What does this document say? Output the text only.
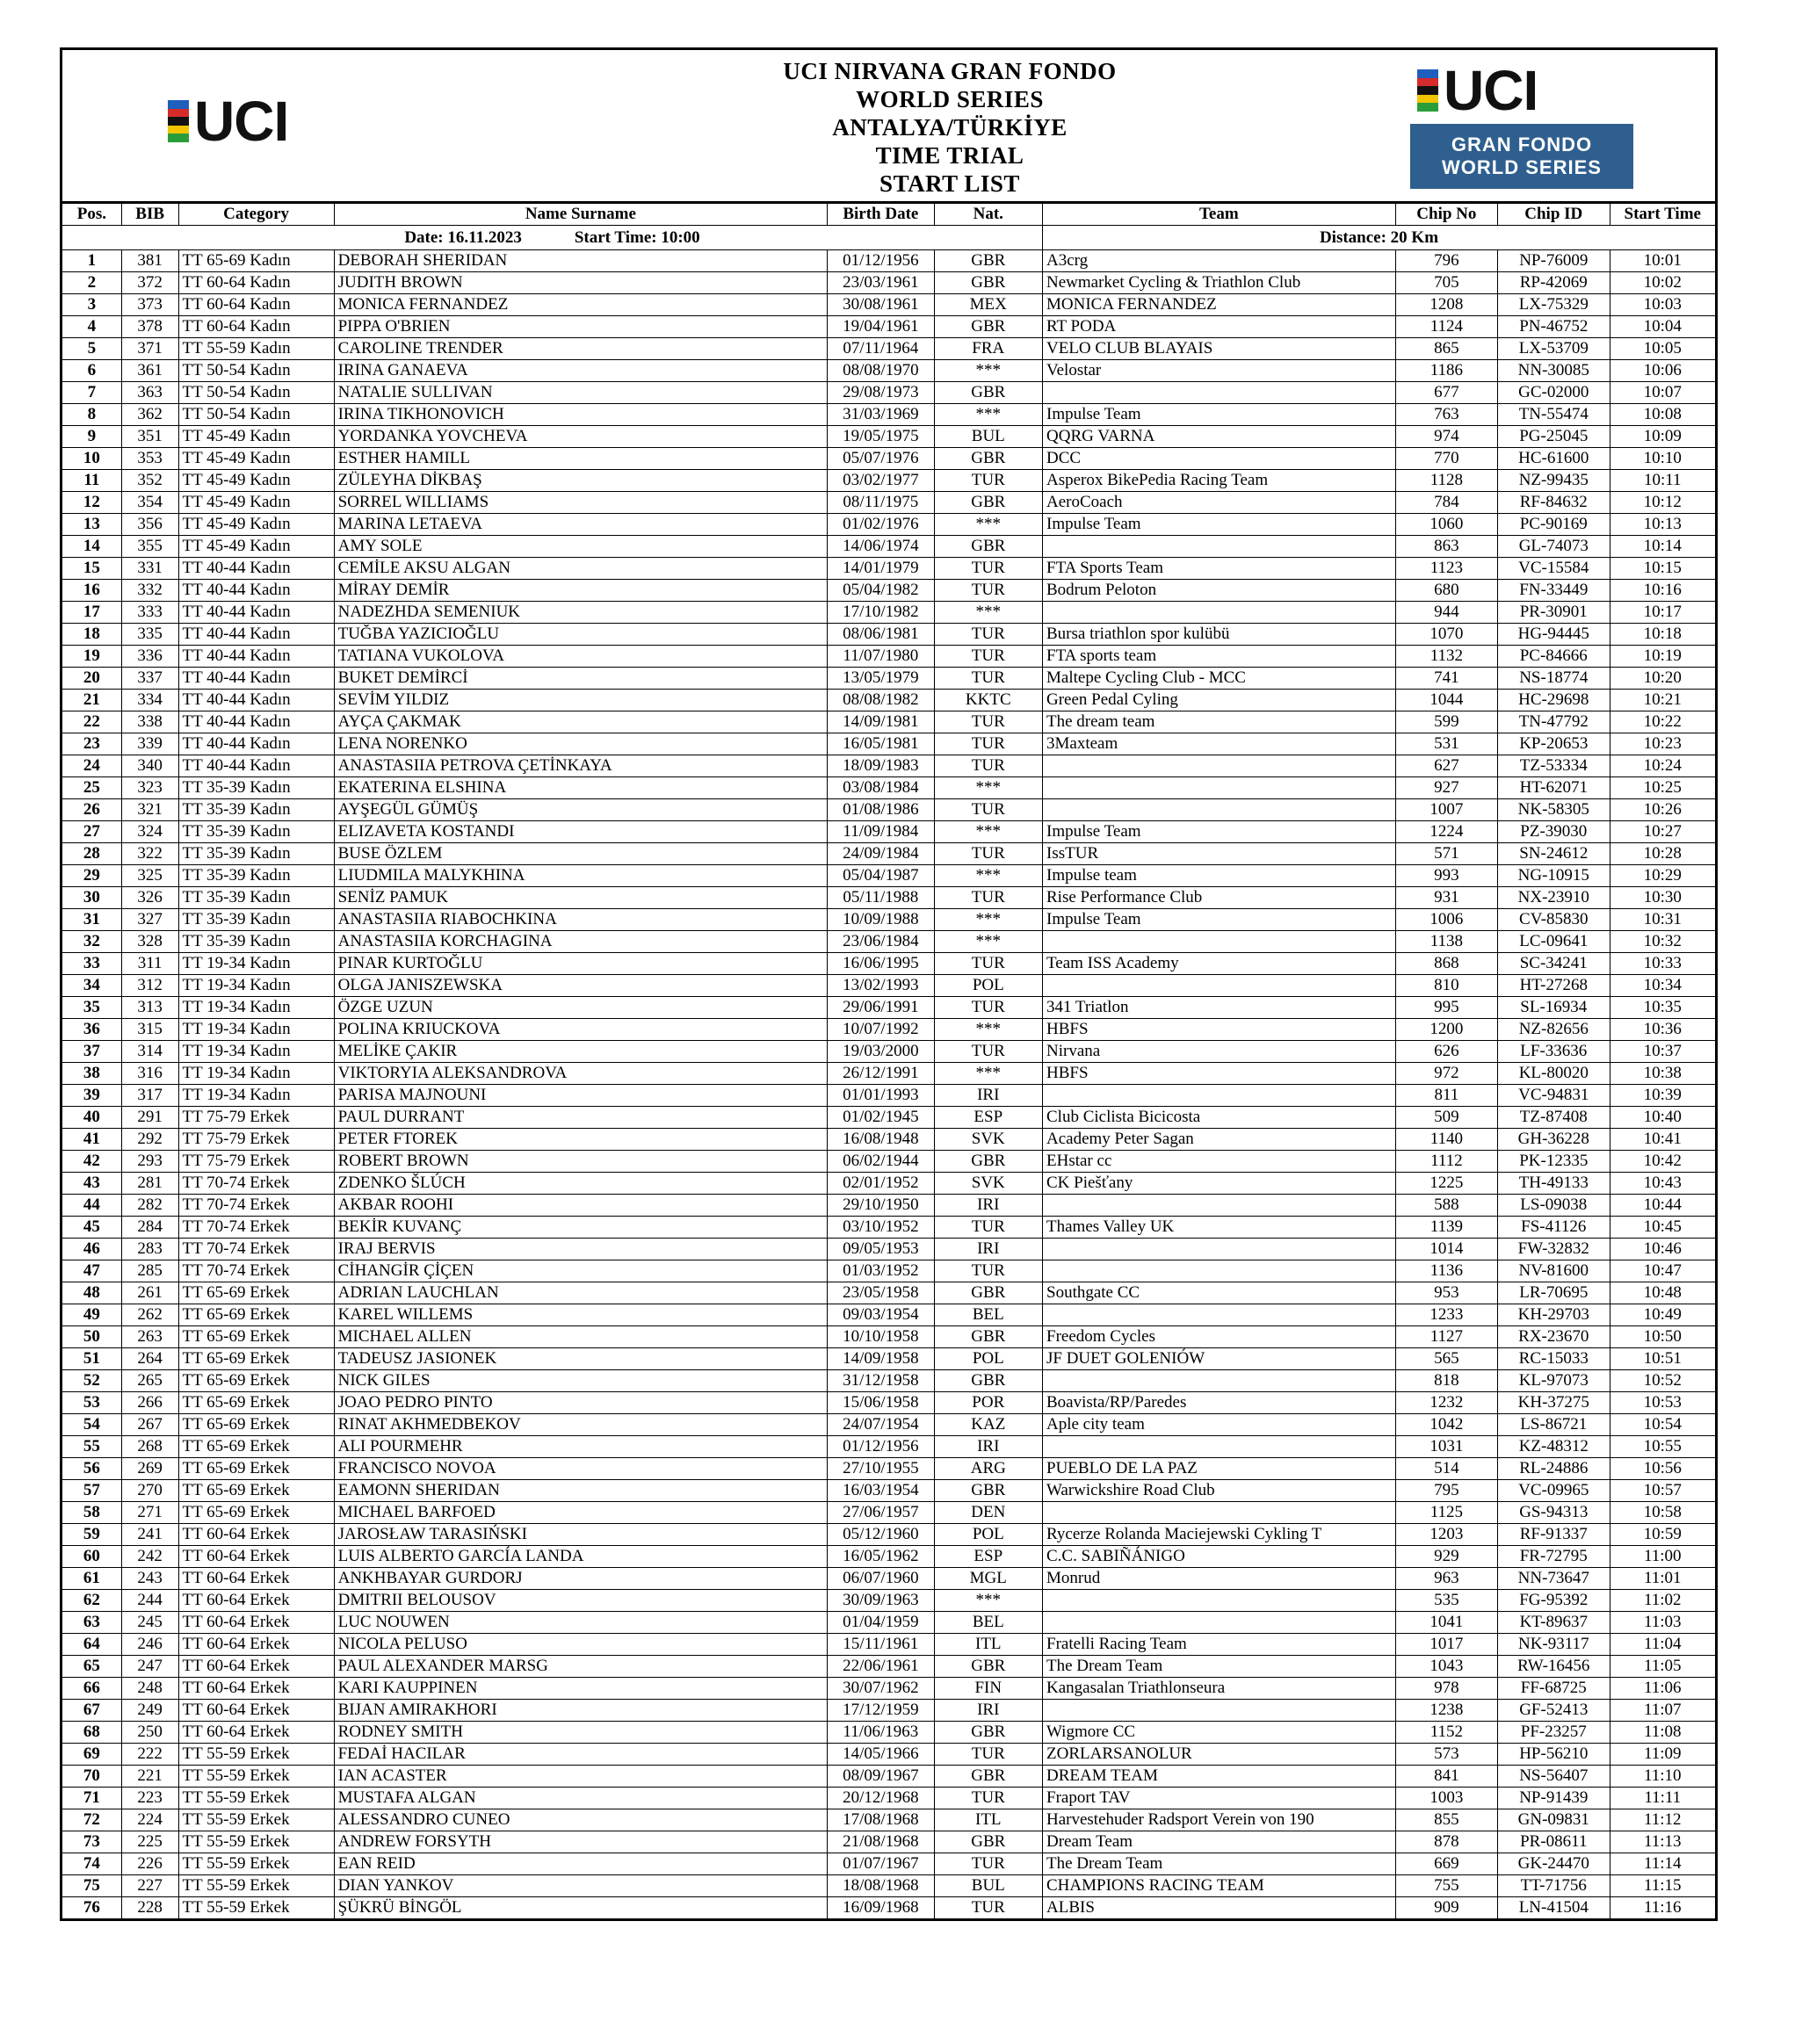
UCI
UCI NIRVANA GRAN FONDO
WORLD SERIES
ANTALYA/TÜRKİYE
TIME TRIAL
START LIST
UCI
GRAN FONDO
WORLD SERIES
Date: 16.11.2023 Start Time: 10:00						Distance: 20 Km			
Pos.	BIB	Category	Name Surname	Birth Date	Nat.	Team	Chip No	Chip ID	Start Time
1	381	TT 65-69 Kadın	DEBORAH SHERIDAN	01/12/1956	GBR	A3crg	796	NP-76009	10:01
2	372	TT 60-64 Kadın	JUDITH BROWN	23/03/1961	GBR	Newmarket Cycling & Triathlon Club	705	RP-42069	10:02
3	373	TT 60-64 Kadın	MONICA FERNANDEZ	30/08/1961	MEX	MONICA FERNANDEZ	1208	LX-75329	10:03
4	378	TT 60-64 Kadın	PIPPA O'BRIEN	19/04/1961	GBR	RT PODA	1124	PN-46752	10:04
5	371	TT 55-59 Kadın	CAROLINE TRENDER	07/11/1964	FRA	VELO CLUB BLAYAIS	865	LX-53709	10:05
6	361	TT 50-54 Kadın	IRINA GANAEVA	08/08/1970	***	Velostar	1186	NN-30085	10:06
7	363	TT 50-54 Kadın	NATALIE SULLIVAN	29/08/1973	GBR		677	GC-02000	10:07
8	362	TT 50-54 Kadın	IRINA TIKHONOVICH	31/03/1969	***	Impulse Team	763	TN-55474	10:08
9	351	TT 45-49 Kadın	YORDANKA YOVCHEVA	19/05/1975	BUL	QQRG VARNA	974	PG-25045	10:09
10	353	TT 45-49 Kadın	ESTHER HAMILL	05/07/1976	GBR	DCC	770	HC-61600	10:10
11	352	TT 45-49 Kadın	ZÜLEYHA DİKBAŞ	03/02/1977	TUR	Asperox BikePedia Racing Team	1128	NZ-99435	10:11
12	354	TT 45-49 Kadın	SORREL WILLIAMS	08/11/1975	GBR	AeroCoach	784	RF-84632	10:12
13	356	TT 45-49 Kadın	MARINA LETAEVA	01/02/1976	***	Impulse Team	1060	PC-90169	10:13
14	355	TT 45-49 Kadın	AMY SOLE	14/06/1974	GBR		863	GL-74073	10:14
15	331	TT 40-44 Kadın	CEMİLE AKSU ALGAN	14/01/1979	TUR	FTA Sports Team	1123	VC-15584	10:15
16	332	TT 40-44 Kadın	MİRAY DEMİR	05/04/1982	TUR	Bodrum Peloton	680	FN-33449	10:16
17	333	TT 40-44 Kadın	NADEZHDA SEMENIUK	17/10/1982	***		944	PR-30901	10:17
18	335	TT 40-44 Kadın	TUĞBA YAZICIOĞLU	08/06/1981	TUR	Bursa triathlon spor kulübü	1070	HG-94445	10:18
19	336	TT 40-44 Kadın	TATIANA VUKOLOVA	11/07/1980	TUR	FTA sports team	1132	PC-84666	10:19
20	337	TT 40-44 Kadın	BUKET DEMİRCİ	13/05/1979	TUR	Maltepe Cycling Club - MCC	741	NS-18774	10:20
21	334	TT 40-44 Kadın	SEVİM YILDIZ	08/08/1982	KKTC	Green Pedal Cyling	1044	HC-29698	10:21
22	338	TT 40-44 Kadın	AYÇA ÇAKMAK	14/09/1981	TUR	The dream team	599	TN-47792	10:22
23	339	TT 40-44 Kadın	LENA NORENKO	16/05/1981	TUR	3Maxteam	531	KP-20653	10:23
24	340	TT 40-44 Kadın	ANASTASIIA PETROVA ÇETİNKAYA	18/09/1983	TUR		627	TZ-53334	10:24
25	323	TT 35-39 Kadın	EKATERINA ELSHINA	03/08/1984	***		927	HT-62071	10:25
26	321	TT 35-39 Kadın	AYŞEGÜL GÜMÜŞ	01/08/1986	TUR		1007	NK-58305	10:26
27	324	TT 35-39 Kadın	ELIZAVETA KOSTANDI	11/09/1984	***	Impulse Team	1224	PZ-39030	10:27
28	322	TT 35-39 Kadın	BUSE ÖZLEM	24/09/1984	TUR	IssTUR	571	SN-24612	10:28
29	325	TT 35-39 Kadın	LIUDMILA MALYKHINA	05/04/1987	***	Impulse team	993	NG-10915	10:29
30	326	TT 35-39 Kadın	SENİZ PAMUK	05/11/1988	TUR	Rise Performance Club	931	NX-23910	10:30
31	327	TT 35-39 Kadın	ANASTASIIA RIABOCHKINA	10/09/1988	***	Impulse Team	1006	CV-85830	10:31
32	328	TT 35-39 Kadın	ANASTASIIA KORCHAGINA	23/06/1984	***		1138	LC-09641	10:32
33	311	TT 19-34 Kadın	PINAR KURTOĞLU	16/06/1995	TUR	Team ISS Academy	868	SC-34241	10:33
34	312	TT 19-34 Kadın	OLGA JANISZEWSKA	13/02/1993	POL		810	HT-27268	10:34
35	313	TT 19-34 Kadın	ÖZGE UZUN	29/06/1991	TUR	341 Triatlon	995	SL-16934	10:35
36	315	TT 19-34 Kadın	POLINA KRIUCKOVA	10/07/1992	***	HBFS	1200	NZ-82656	10:36
37	314	TT 19-34 Kadın	MELİKE ÇAKIR	19/03/2000	TUR	Nirvana	626	LF-33636	10:37
38	316	TT 19-34 Kadın	VIKTORYIA ALEKSANDROVA	26/12/1991	***	HBFS	972	KL-80020	10:38
39	317	TT 19-34 Kadın	PARISA MAJNOUNI	01/01/1993	IRI		811	VC-94831	10:39
40	291	TT 75-79 Erkek	PAUL DURRANT	01/02/1945	ESP	Club Ciclista Bicicosta	509	TZ-87408	10:40
41	292	TT 75-79 Erkek	PETER FTOREK	16/08/1948	SVK	Academy Peter Sagan	1140	GH-36228	10:41
42	293	TT 75-79 Erkek	ROBERT BROWN	06/02/1944	GBR	EHstar cc	1112	PK-12335	10:42
43	281	TT 70-74 Erkek	ZDENKO ŠLÚCH	02/01/1952	SVK	CK Piešťany	1225	TH-49133	10:43
44	282	TT 70-74 Erkek	AKBAR ROOHI	29/10/1950	IRI		588	LS-09038	10:44
45	284	TT 70-74 Erkek	BEKİR KUVANÇ	03/10/1952	TUR	Thames Valley UK	1139	FS-41126	10:45
46	283	TT 70-74 Erkek	IRAJ BERVIS	09/05/1953	IRI		1014	FW-32832	10:46
47	285	TT 70-74 Erkek	CİHANGİR ÇİÇEN	01/03/1952	TUR		1136	NV-81600	10:47
48	261	TT 65-69 Erkek	ADRIAN LAUCHLAN	23/05/1958	GBR	Southgate CC	953	LR-70695	10:48
49	262	TT 65-69 Erkek	KAREL WILLEMS	09/03/1954	BEL		1233	KH-29703	10:49
50	263	TT 65-69 Erkek	MICHAEL ALLEN	10/10/1958	GBR	Freedom Cycles	1127	RX-23670	10:50
51	264	TT 65-69 Erkek	TADEUSZ JASIONEK	14/09/1958	POL	JF DUET GOLENIÓW	565	RC-15033	10:51
52	265	TT 65-69 Erkek	NICK GILES	31/12/1958	GBR		818	KL-97073	10:52
53	266	TT 65-69 Erkek	JOAO PEDRO PINTO	15/06/1958	POR	Boavista/RP/Paredes	1232	KH-37275	10:53
54	267	TT 65-69 Erkek	RINAT AKHMEDBEKOV	24/07/1954	KAZ	Aple city team	1042	LS-86721	10:54
55	268	TT 65-69 Erkek	ALI POURMEHR	01/12/1956	IRI		1031	KZ-48312	10:55
56	269	TT 65-69 Erkek	FRANCISCO NOVOA	27/10/1955	ARG	PUEBLO DE LA PAZ	514	RL-24886	10:56
57	270	TT 65-69 Erkek	EAMONN SHERIDAN	16/03/1954	GBR	Warwickshire Road Club	795	VC-09965	10:57
58	271	TT 65-69 Erkek	MICHAEL BARFOED	27/06/1957	DEN		1125	GS-94313	10:58
59	241	TT 60-64 Erkek	JAROSŁAW TARASIŃSKI	05/12/1960	POL	Rycerze Rolanda Maciejewski Cykling T	1203	RF-91337	10:59
60	242	TT 60-64 Erkek	LUIS ALBERTO GARCÍA LANDA	16/05/1962	ESP	C.C. SABIÑÁNIGO	929	FR-72795	11:00
61	243	TT 60-64 Erkek	ANKHBAYAR GURDORJ	06/07/1960	MGL	Monrud	963	NN-73647	11:01
62	244	TT 60-64 Erkek	DMITRII BELOUSOV	30/09/1963	***		535	FG-95392	11:02
63	245	TT 60-64 Erkek	LUC NOUWEN	01/04/1959	BEL		1041	KT-89637	11:03
64	246	TT 60-64 Erkek	NICOLA PELUSO	15/11/1961	ITL	Fratelli Racing Team	1017	NK-93117	11:04
65	247	TT 60-64 Erkek	PAUL ALEXANDER MARSG	22/06/1961	GBR	The Dream Team	1043	RW-16456	11:05
66	248	TT 60-64 Erkek	KARI KAUPPINEN	30/07/1962	FIN	Kangasalan Triathlonseura	978	FF-68725	11:06
67	249	TT 60-64 Erkek	BIJAN AMIRAKHORI	17/12/1959	IRI		1238	GF-52413	11:07
68	250	TT 60-64 Erkek	RODNEY SMITH	11/06/1963	GBR	Wigmore CC	1152	PF-23257	11:08
69	222	TT 55-59 Erkek	FEDAİ HACILAR	14/05/1966	TUR	ZORLARSANOLUR	573	HP-56210	11:09
70	221	TT 55-59 Erkek	IAN ACASTER	08/09/1967	GBR	DREAM TEAM	841	NS-56407	11:10
71	223	TT 55-59 Erkek	MUSTAFA ALGAN	20/12/1968	TUR	Fraport TAV	1003	NP-91439	11:11
72	224	TT 55-59 Erkek	ALESSANDRO CUNEO	17/08/1968	ITL	Harvestehuder Radsport Verein von 190	855	GN-09831	11:12
73	225	TT 55-59 Erkek	ANDREW FORSYTH	21/08/1968	GBR	Dream Team	878	PR-08611	11:13
74	226	TT 55-59 Erkek	EAN REID	01/07/1967	TUR	The Dream Team	669	GK-24470	11:14
75	227	TT 55-59 Erkek	DIAN YANKOV	18/08/1968	BUL	CHAMPIONS RACING TEAM	755	TT-71756	11:15
76	228	TT 55-59 Erkek	ŞÜKRÜ BİNGÖL	16/09/1968	TUR	ALBIS	909	LN-41504	11:16
